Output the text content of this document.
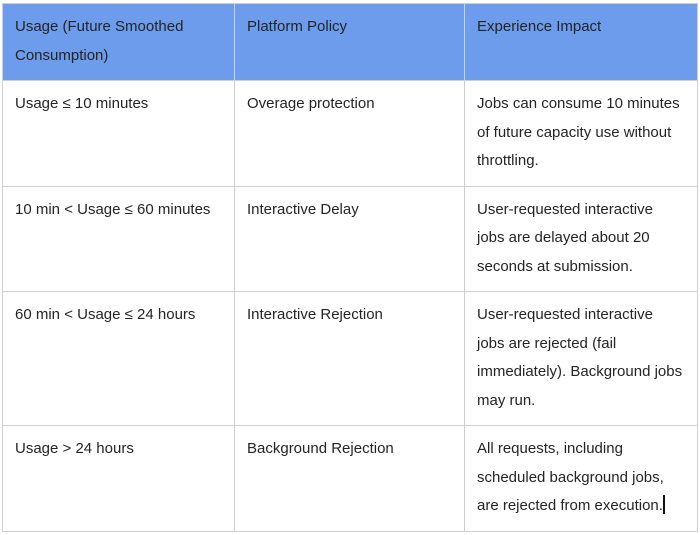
Usage (Future Smoothed Consumption)	Platform Policy	Experience Impact
Usage ≤ 10 minutes	Overage protection	Jobs can consume 10 minutes of future capacity use without throttling.
10 min < Usage ≤ 60 minutes	Interactive Delay	User-requested interactive jobs are delayed about 20 seconds at submission.
60 min < Usage ≤ 24 hours	Interactive Rejection	User-requested interactive jobs are rejected (fail immediately). Background jobs may run.
Usage > 24 hours	Background Rejection	All requests, including scheduled background jobs, are rejected from execution.
